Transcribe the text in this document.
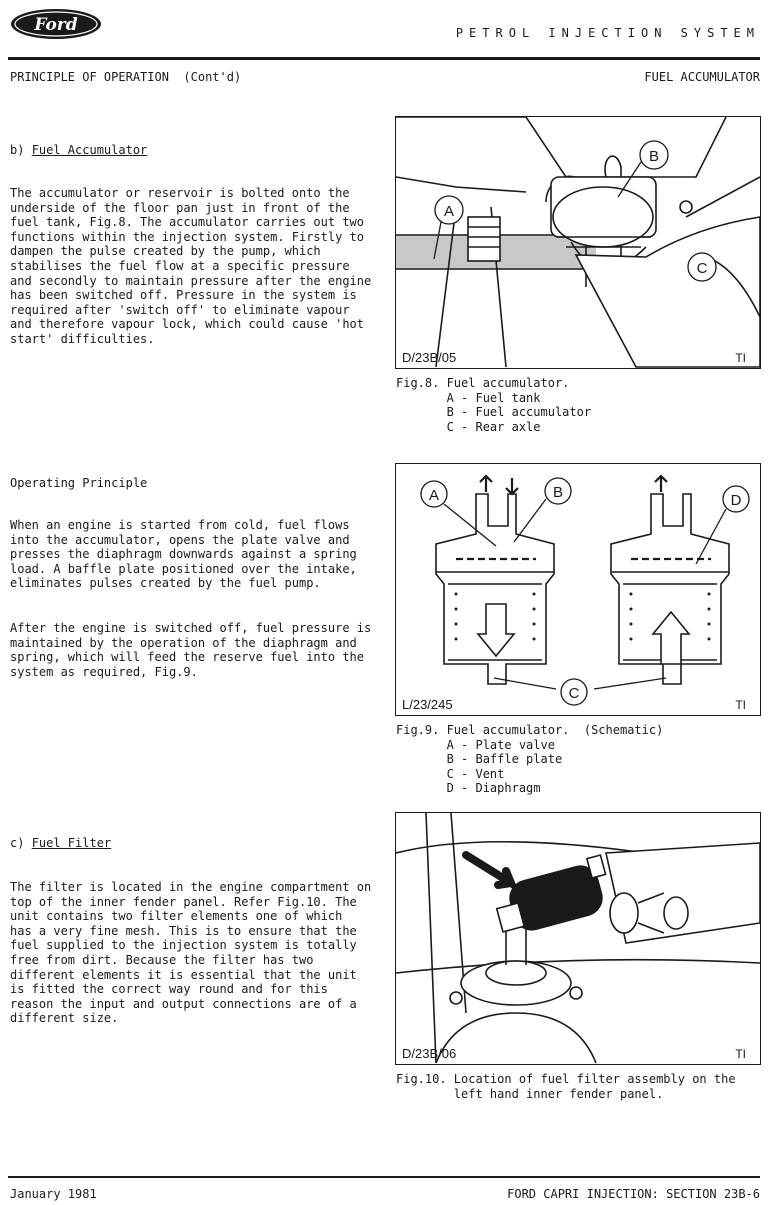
Ford	PETROL INJECTION SYSTEM
PRINCIPLE OF OPERATION  (Cont'd)	FUEL ACCUMULATOR
b) Fuel Accumulator

The accumulator or reservoir is bolted onto the
underside of the floor pan just in front of the
fuel tank, Fig.8. The accumulator carries out two
functions within the injection system. Firstly to
dampen the pulse created by the pump, which
stabilises the fuel flow at a specific pressure
and secondly to maintain pressure after the engine
has been switched off. Pressure in the system is
required after 'switch off' to eliminate vapour
and therefore vapour lock, which could cause 'hot
start' difficulties.

Operating Principle

When an engine is started from cold, fuel flows
into the accumulator, opens the plate valve and
presses the diaphragm downwards against a spring
load. A baffle plate positioned over the intake,
eliminates pulses created by the fuel pump.

After the engine is switched off, fuel pressure is
maintained by the operation of the diaphragm and
spring, which will feed the reserve fuel into the
system as required, Fig.9.

c) Fuel Filter

The filter is located in the engine compartment on
top of the inner fender panel. Refer Fig.10. The
unit contains two filter elements one of which
has a very fine mesh. This is to ensure that the
fuel supplied to the injection system is totally
free from dirt. Because the filter has two
different elements it is essential that the unit
is fitted the correct way round and for this
reason the input and output connections are of a
different size.

A
B
C
D/23B/05	TI
Fig.8. Fuel accumulator.
A - Fuel tank
B - Fuel accumulator
C - Rear axle
A	B	D
C
L/23/245	TI
Fig.9. Fuel accumulator.  (Schematic)
A - Plate valve
B - Baffle plate
C - Vent
D - Diaphragm
D/23B/06	TI
Fig.10. Location of fuel filter assembly on the
left hand inner fender panel.
January 1981	FORD CAPRI INJECTION: SECTION 23B-6
